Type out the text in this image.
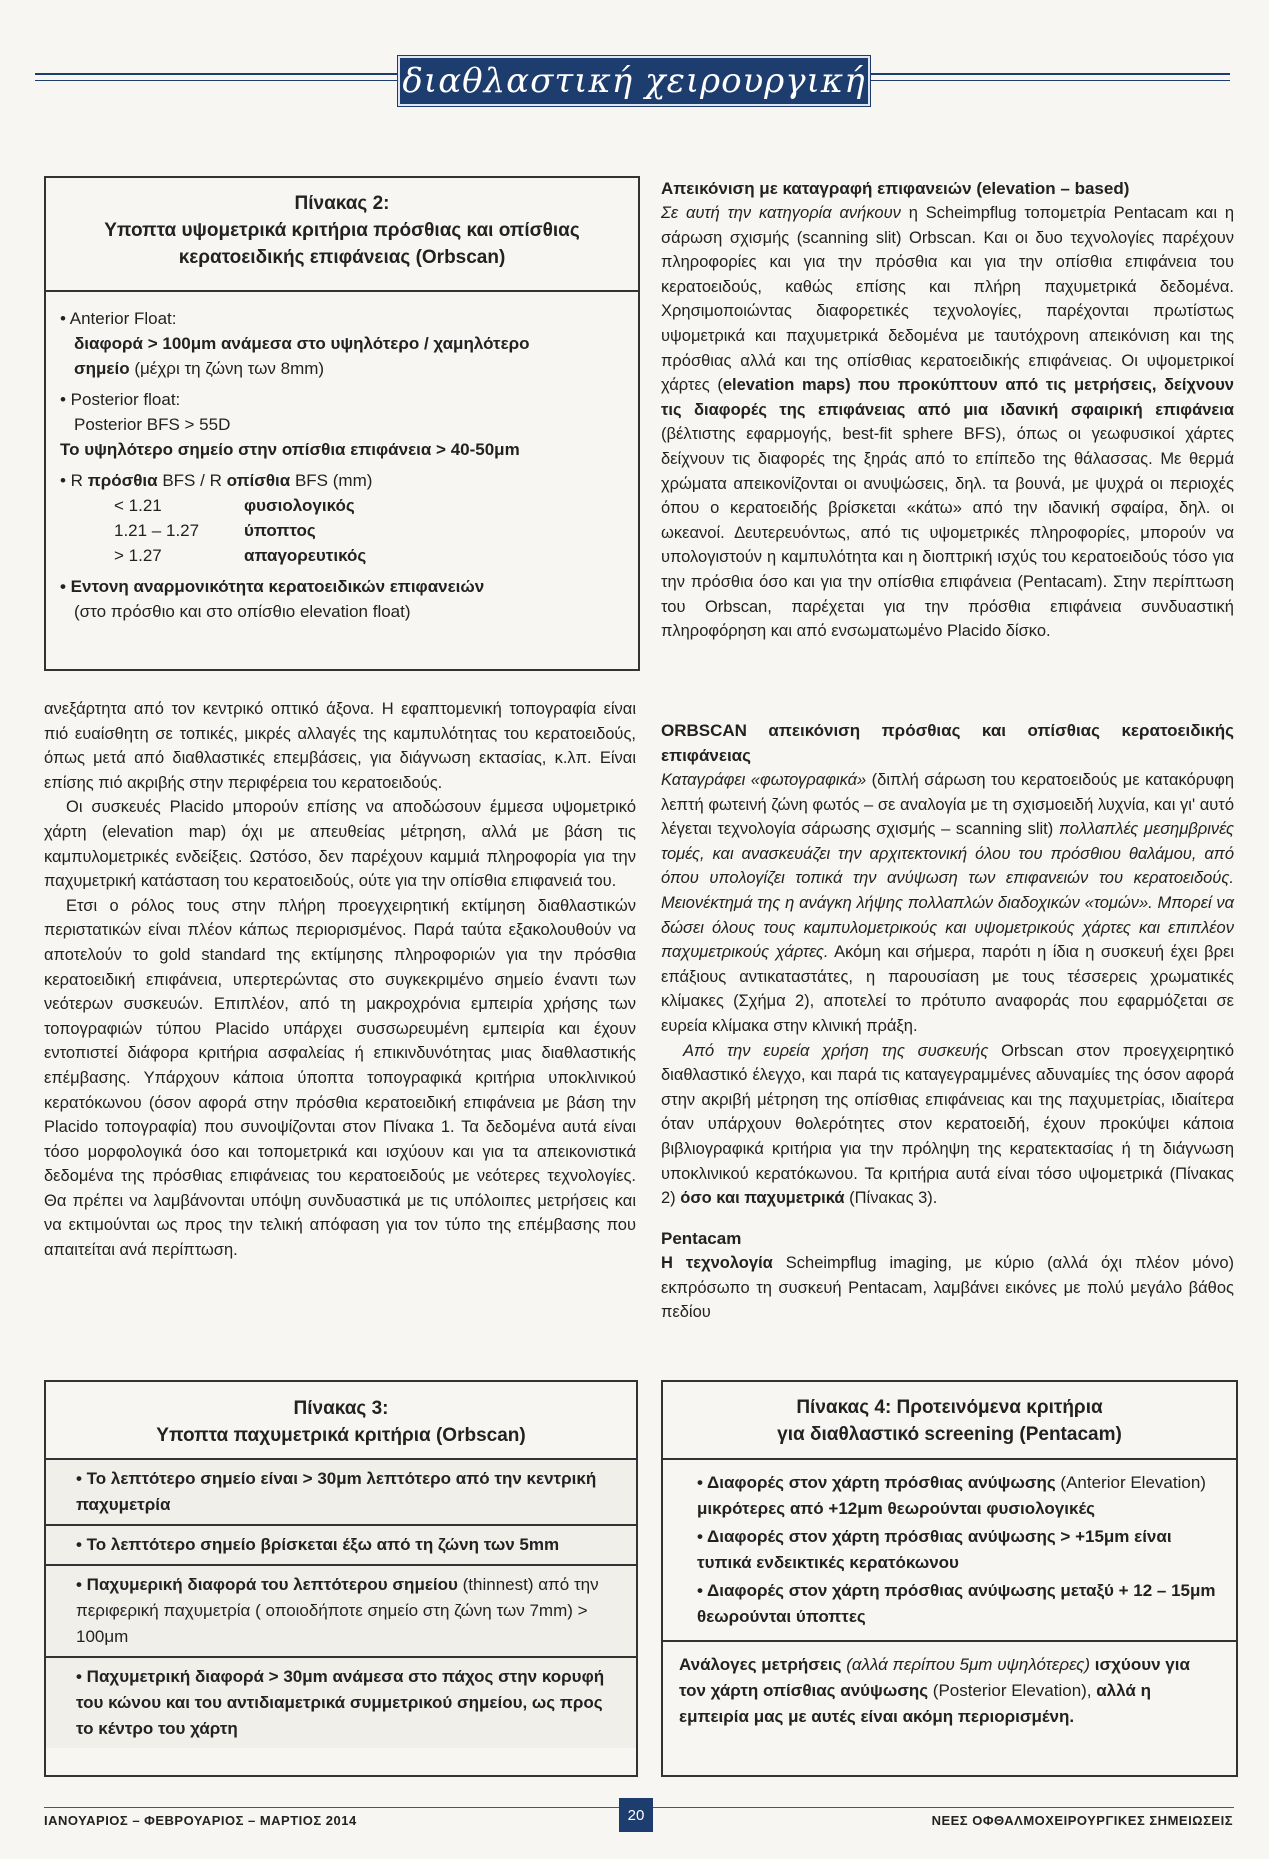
διαθλαστική χειρουργική

Πίνακας 2:

Υποπτα υψομετρικά κριτήρια πρόσθιας και οπίσθιας

κερατοειδικής επιφάνειας (Orbscan)

• Anterior Float:

διαφορά > 100μm ανάμεσα στο υψηλότερο / χαμηλότερο

σημείο (μέχρι τη ζώνη των 8mm)

• Posterior float:

Posterior BFS > 55D

Το υψηλότερο σημείο στην οπίσθια επιφάνεια > 40-50μm

• R πρόσθια BFS / R οπίσθια BFS (mm)

< 1.21	φυσιολογικός
1.21 – 1.27	ύποπτος
> 1.27	απαγορευτικός

• Εντονη αναρμονικότητα κερατοειδικών επιφανειών

(στο πρόσθιο και στο οπίσθιο elevation float)

Απεικόνιση με καταγραφή επιφανειών (elevation – based)

Σε αυτή την κατηγορία ανήκουν η Scheimpflug τοπομετρία Pentacam και η σάρωση σχισμής (scanning slit) Orbscan. Και οι δυο τεχνολογίες παρέχουν πληροφορίες και για την πρόσθια και για την οπίσθια επιφάνεια του κερατοειδούς, καθώς επίσης και πλήρη παχυμετρικά δεδομένα. Χρησιμοποιώντας διαφορετικές τεχνολογίες, παρέχονται πρωτίστως υψομετρικά και παχυμετρικά δεδομένα με ταυτόχρονη απεικόνιση και της πρόσθιας αλλά και της οπίσθιας κερατοειδικής επιφάνειας. Οι υψομετρικοί χάρτες (elevation maps) που προκύπτουν από τις μετρήσεις, δείχνουν τις διαφορές της επιφάνειας από μια ιδανική σφαιρική επιφάνεια (βέλτιστης εφαρμογής, best-fit sphere BFS), όπως οι γεωφυσικοί χάρτες δείχνουν τις διαφορές της ξηράς από το επίπεδο της θάλασσας. Με θερμά χρώματα απεικονίζονται οι ανυψώσεις, δηλ. τα βουνά, με ψυχρά οι περιοχές όπου ο κερατοειδής βρίσκεται «κάτω» από την ιδανική σφαίρα, δηλ. οι ωκεανοί. Δευτερευόντως, από τις υψομετρικές πληροφορίες, μπορούν να υπολογιστούν η καμπυλότητα και η διοπτρική ισχύς του κερατοειδούς τόσο για την πρόσθια όσο και για την οπίσθια επιφάνεια (Pentacam). Στην περίπτωση του Orbscan, παρέχεται για την πρόσθια επιφάνεια συνδυαστική πληροφόρηση και από ενσωματωμένο Placido δίσκο.

ανεξάρτητα από τον κεντρικό οπτικό άξονα. Η εφαπτομενική τοπογραφία είναι πιό ευαίσθητη σε τοπικές, μικρές αλλαγές της καμπυλότητας του κερατοειδούς, όπως μετά από διαθλαστικές επεμβάσεις, για διάγνωση εκτασίας, κ.λπ. Είναι επίσης πιό ακριβής στην περιφέρεια του κερατοειδούς.

Οι συσκευές Placido μπορούν επίσης να αποδώσουν έμμεσα υψομετρικό χάρτη (elevation map) όχι με απευθείας μέτρηση, αλλά με βάση τις καμπυλομετρικές ενδείξεις. Ωστόσο, δεν παρέχουν καμμιά πληροφορία για την παχυμετρική κατάσταση του κερατοειδούς, ούτε για την οπίσθια επιφανειά του.

Ετσι ο ρόλος τους στην πλήρη προεγχειρητική εκτίμηση διαθλαστικών περιστατικών είναι πλέον κάπως περιορισμένος. Παρά ταύτα εξακολουθούν να αποτελούν το gold standard της εκτίμησης πληροφοριών για την πρόσθια κερατοειδική επιφάνεια, υπερτερώντας στο συγκεκριμένο σημείο έναντι των νεότερων συσκευών. Επιπλέον, από τη μακροχρόνια εμπειρία χρήσης των τοπογραφιών τύπου Placido υπάρχει συσσωρευμένη εμπειρία και έχουν εντοπιστεί διάφορα κριτήρια ασφαλείας ή επικινδυνότητας μιας διαθλαστικής επέμβασης. Υπάρχουν κάποια ύποπτα τοπογραφικά κριτήρια υποκλινικού κερατόκωνου (όσον αφορά στην πρόσθια κερατοειδική επιφάνεια με βάση την Placido τοπογραφία) που συνοψίζονται στον Πίνακα 1. Τα δεδομένα αυτά είναι τόσο μορφολογικά όσο και τοπομετρικά και ισχύουν και για τα απεικονιστικά δεδομένα της πρόσθιας επιφάνειας του κερατοειδούς με νεότερες τεχνολογίες. Θα πρέπει να λαμβάνονται υπόψη συνδυαστικά με τις υπόλοιπες μετρήσεις και να εκτιμούνται ως προς την τελική απόφαση για τον τύπο της επέμβασης που απαιτείται ανά περίπτωση.

ORBSCAN απεικόνιση πρόσθιας και οπίσθιας κερατοειδικής επιφάνειας

Καταγράφει «φωτογραφικά» (διπλή σάρωση του κερατοειδούς με κατακόρυφη λεπτή φωτεινή ζώνη φωτός – σε αναλογία με τη σχισμοειδή λυχνία, και γι' αυτό λέγεται τεχνολογία σάρωσης σχισμής – scanning slit) πολλαπλές μεσημβρινές τομές, και ανασκευάζει την αρχιτεκτονική όλου του πρόσθιου θαλάμου, από όπου υπολογίζει τοπικά την ανύψωση των επιφανειών του κερατοειδούς. Μειονέκτημά της η ανάγκη λήψης πολλαπλών διαδοχικών «τομών». Μπορεί να δώσει όλους τους καμπυλομετρικούς και υψομετρικούς χάρτες και επιπλέον παχυμετρικούς χάρτες. Ακόμη και σήμερα, παρότι η ίδια η συσκευή έχει βρει επάξιους αντικαταστάτες, η παρουσίαση με τους τέσσερεις χρωματικές κλίμακες (Σχήμα 2), αποτελεί το πρότυπο αναφοράς που εφαρμόζεται σε ευρεία κλίμακα στην κλινική πράξη.

Από την ευρεία χρήση της συσκευής Orbscan στον προεγχειρητικό διαθλαστικό έλεγχο, και παρά τις καταγεγραμμένες αδυναμίες της όσον αφορά στην ακριβή μέτρηση της οπίσθιας επιφάνειας και της παχυμετρίας, ιδιαίτερα όταν υπάρχουν θολερότητες στον κερατοειδή, έχουν προκύψει κάποια βιβλιογραφικά κριτήρια για την πρόληψη της κερατεκτασίας ή τη διάγνωση υποκλινικού κερατόκωνου. Τα κριτήρια αυτά είναι τόσο υψομετρικά (Πίνακας 2) όσο και παχυμετρικά (Πίνακας 3).

Pentacam

Η τεχνολογία Scheimpflug imaging, με κύριο (αλλά όχι πλέον μόνο) εκπρόσωπο τη συσκευή Pentacam, λαμβάνει εικόνες με πολύ μεγάλο βάθος πεδίου

Πίνακας 3:

Υποπτα παχυμετρικά κριτήρια (Orbscan)

• Το λεπτότερο σημείο είναι > 30μm λεπτότερο από την κεντρική παχυμετρία
• Το λεπτότερο σημείο βρίσκεται έξω από τη ζώνη των 5mm
• Παχυμερική διαφορά του λεπτότερου σημείου (thinnest) από την περιφερική παχυμετρία ( οποιοδήποτε σημείο στη ζώνη των 7mm) > 100μm
• Παχυμετρική διαφορά > 30μm ανάμεσα στο πάχος στην κορυφή του κώνου και του αντιδιαμετρικά συμμετρικού σημείου, ως προς το κέντρο του χάρτη

Πίνακας 4: Προτεινόμενα κριτήρια

για διαθλαστικό screening (Pentacam)

• Διαφορές στον χάρτη πρόσθιας ανύψωσης (Anterior Elevation) μικρότερες από +12μm θεωρούνται φυσιολογικές

• Διαφορές στον χάρτη πρόσθιας ανύψωσης > +15μm είναι τυπικά ενδεικτικές κερατόκωνου

• Διαφορές στον χάρτη πρόσθιας ανύψωσης μεταξύ + 12 – 15μm θεωρούνται ύποπτες

Ανάλογες μετρήσεις (αλλά περίπου 5μm υψηλότερες) ισχύουν για τον χάρτη οπίσθιας ανύψωσης (Posterior Elevation), αλλά η εμπειρία μας με αυτές είναι ακόμη περιορισμένη.

ΙΑΝΟΥΑΡΙΟΣ – ΦΕΒΡΟΥΑΡΙΟΣ – ΜΑΡΤΙΟΣ 2014	20	ΝΕΕΣ ΟΦΘΑΛΜΟΧΕΙΡΟΥΡΓΙΚΕΣ ΣΗΜΕΙΩΣΕΙΣ
